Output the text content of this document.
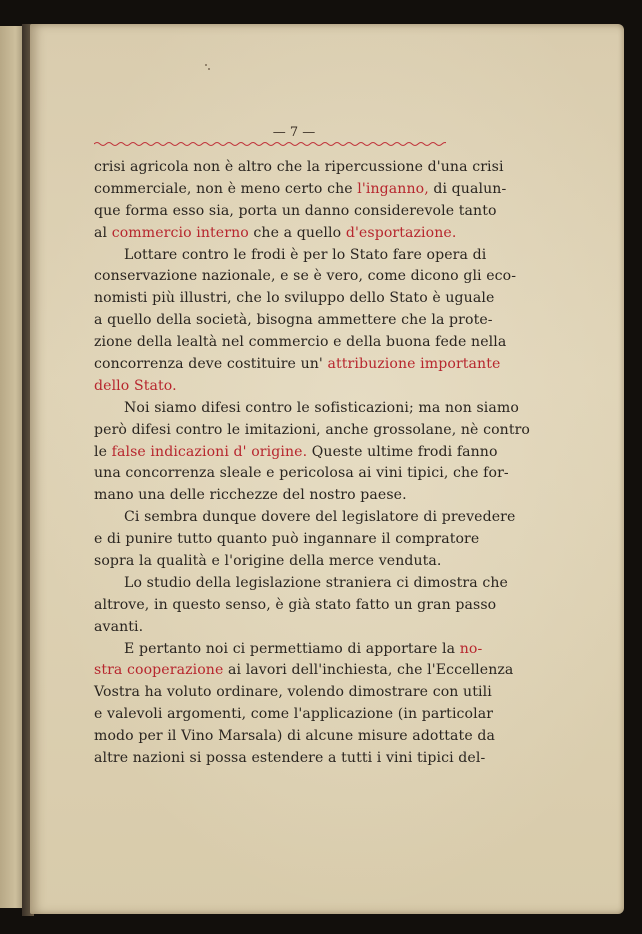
— 7 —
crisi agricola non è altro che la ripercussione d'una crisi
commerciale, non è meno certo che l'inganno, di qualun-
que forma esso sia, porta un danno considerevole tanto
al commercio interno che a quello d'esportazione.
Lottare contro le frodi è per lo Stato fare opera di
conservazione nazionale, e se è vero, come dicono gli eco-
nomisti più illustri, che lo sviluppo dello Stato è uguale
a quello della società, bisogna ammettere che la prote-
zione della lealtà nel commercio e della buona fede nella
concorrenza deve costituire un' attribuzione importante
dello Stato.
Noi siamo difesi contro le sofisticazioni; ma non siamo
però difesi contro le imitazioni, anche grossolane, nè contro
le false indicazioni d' origine. Queste ultime frodi fanno
una concorrenza sleale e pericolosa ai vini tipici, che for-
mano una delle ricchezze del nostro paese.
Ci sembra dunque dovere del legislatore di prevedere
e di punire tutto quanto può ingannare il compratore
sopra la qualità e l'origine della merce venduta.
Lo studio della legislazione straniera ci dimostra che
altrove, in questo senso, è già stato fatto un gran passo
avanti.
E pertanto noi ci permettiamo di apportare la no-
stra cooperazione ai lavori dell'inchiesta, che l'Eccellenza
Vostra ha voluto ordinare, volendo dimostrare con utili
e valevoli argomenti, come l'applicazione (in particolar
modo per il Vino Marsala) di alcune misure adottate da
altre nazioni si possa estendere a tutti i vini tipici del-
